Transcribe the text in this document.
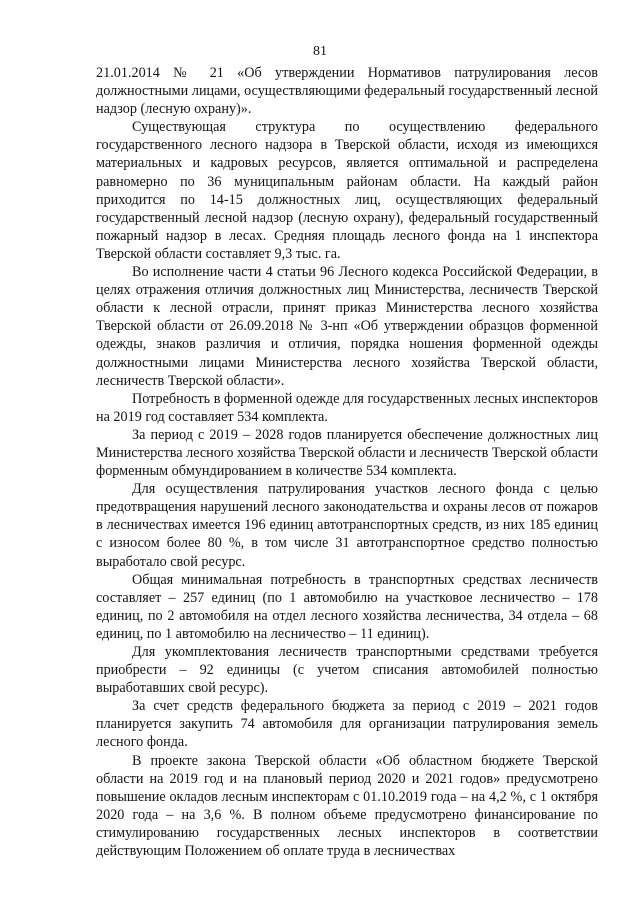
81

21.01.2014 № 21 «Об утверждении Нормативов патрулирования лесов должностными лицами, осуществляющими федеральный государственный лесной надзор (лесную охрану)».

Существующая структура по осуществлению федерального государственного лесного надзора в Тверской области, исходя из имеющихся материальных и кадровых ресурсов, является оптимальной и распределена равномерно по 36 муниципальным районам области. На каждый район приходится по 14-15 должностных лиц, осуществляющих федеральный государственный лесной надзор (лесную охрану), федеральный государственный пожарный надзор в лесах. Средняя площадь лесного фонда на 1 инспектора Тверской области составляет 9,3 тыс. га.

Во исполнение части 4 статьи 96 Лесного кодекса Российской Федерации, в целях отражения отличия должностных лиц Министерства, лесничеств Тверской области к лесной отрасли, принят приказ Министерства лесного хозяйства Тверской области от 26.09.2018 № 3-нп «Об утверждении образцов форменной одежды, знаков различия и отличия, порядка ношения форменной одежды должностными лицами Министерства лесного хозяйства Тверской области, лесничеств Тверской области».

Потребность в форменной одежде для государственных лесных инспекторов на 2019 год составляет 534 комплекта.

За период с 2019 – 2028 годов планируется обеспечение должностных лиц Министерства лесного хозяйства Тверской области и лесничеств Тверской области форменным обмундированием в количестве 534 комплекта.

Для осуществления патрулирования участков лесного фонда с целью предотвращения нарушений лесного законодательства и охраны лесов от пожаров в лесничествах имеется 196 единиц автотранспортных средств, из них 185 единиц с износом более 80 %, в том числе 31 автотранспортное средство полностью выработало свой ресурс.

Общая минимальная потребность в транспортных средствах лесничеств составляет – 257 единиц (по 1 автомобилю на участковое лесничество – 178 единиц, по 2 автомобиля на отдел лесного хозяйства лесничества, 34 отдела – 68 единиц, по 1 автомобилю на лесничество – 11 единиц).

Для укомплектования лесничеств транспортными средствами требуется приобрести – 92 единицы (с учетом списания автомобилей полностью выработавших свой ресурс).

За счет средств федерального бюджета за период с 2019 – 2021 годов планируется закупить 74 автомобиля для организации патрулирования земель лесного фонда.

В проекте закона Тверской области «Об областном бюджете Тверской области на 2019 год и на плановый период 2020 и 2021 годов» предусмотрено повышение окладов лесным инспекторам с 01.10.2019 года – на 4,2 %, с 1 октября 2020 года – на 3,6 %. В полном объеме предусмотрено финансирование по стимулированию государственных лесных инспекторов в соответствии действующим Положением об оплате труда в лесничествах
